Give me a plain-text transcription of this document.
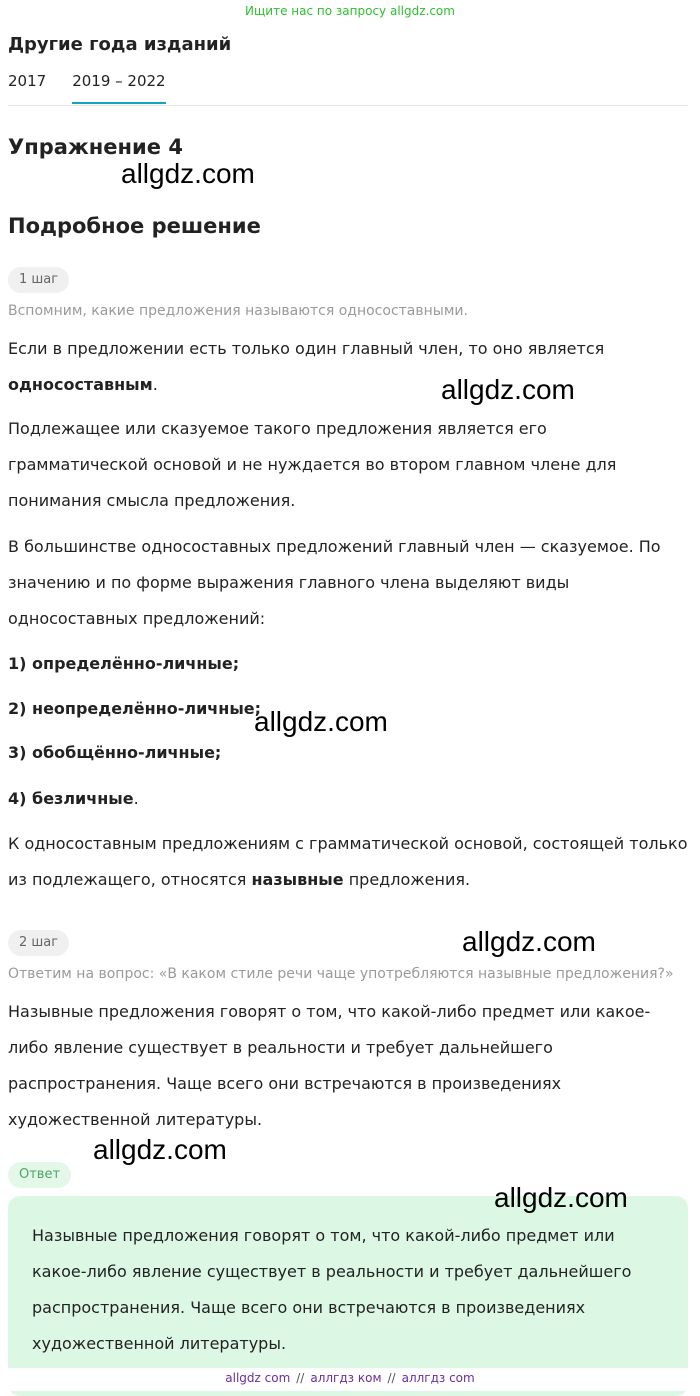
Ищите нас по запросу allgdz.com
Другие года изданий
2017 2019 – 2022
Упражнение 4
allgdz.com
Подробное решение
1 шаг
Вспомним, какие предложения называются односоставными.
Если в предложении есть только один главный член, то оно является односоставным.	allgdz.com
Подлежащее или сказуемое такого предложения является его грамматической основой и не нуждается во втором главном члене для понимания смысла предложения.
В большинстве односоставных предложений главный член — сказуемое. По значению и по форме выражения главного члена выделяют виды односоставных предложений:
1) определённо-личные;
2) неопределённо-личные;
allgdz.com
3) обобщённо-личные;
4) безличные.
К односоставным предложениям с грамматической основой, состоящей только из подлежащего, относятся назывные предложения.
2 шаг	allgdz.com
Ответим на вопрос: «В каком стиле речи чаще употребляются назывные предложения?»
Назывные предложения говорят о том, что какой-либо предмет или какое-либо явление существует в реальности и требует дальнейшего распространения. Чаще всего они встречаются в произведениях художественной литературы.
allgdz.com
Ответ
Назывные предложения говорят о том, что какой-либо предмет или какое-либо явление существует в реальности и требует дальнейшего распространения. Чаще всего они встречаются в произведениях художественной литературы.
allgdz.com
allgdz com // аллгдз ком // аллгдз com
